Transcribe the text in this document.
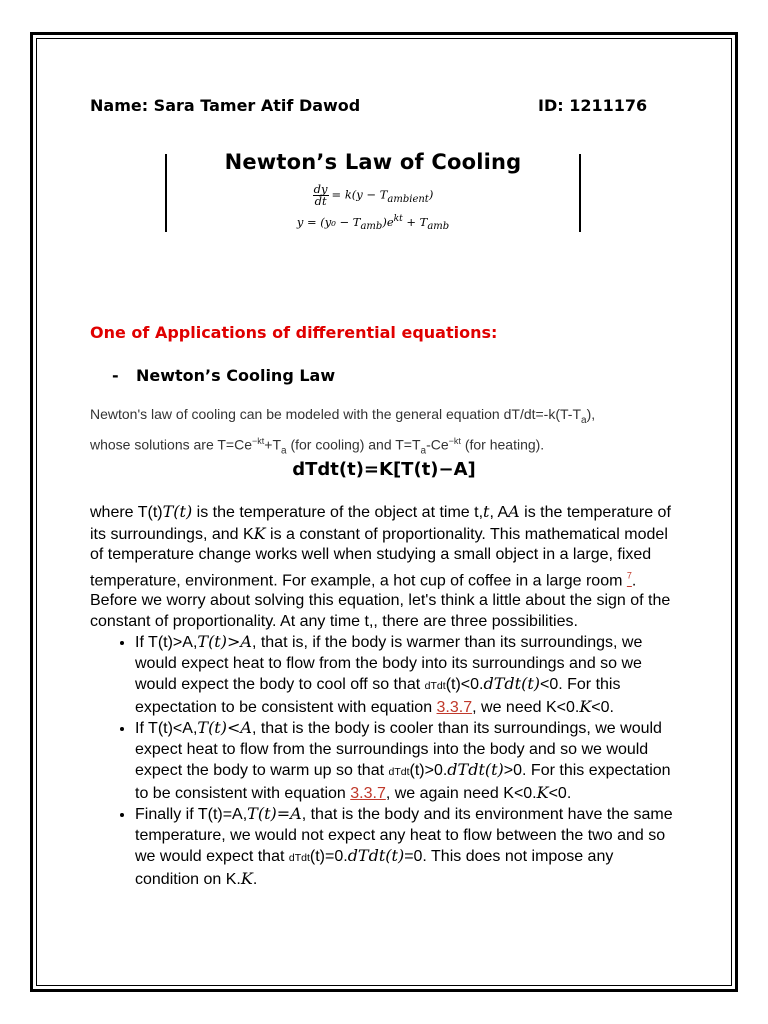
Name: Sara Tamer Atif Dawod	ID: 1211176
Newton’s Law of Cooling
$\frac{dy}{dt} = k(y - T_{ambient})$
$y = (y_0 - T_{amb})e^{kt} + T_{amb}$
One of Applications of differential equations:
- Newton’s Cooling Law
Newton's law of cooling can be modeled with the general equation $dT/dt=-k(T-T_a)$,
whose solutions are $T=Ce^{-kt}+T_a$ (for cooling) and $T=T_a-Ce^{-kt}$ (for heating).
dTdt(t)=K[T(t)−A]

where T(t)T(t) is the temperature of the object at time t,t, AA is the temperature of its surroundings, and KK is a constant of proportionality. This mathematical model of temperature change works well when studying a small object in a large, fixed temperature, environment. For example, a hot cup of coffee in a large room $^7$.

Before we worry about solving this equation, let's think a little about the sign of the constant of proportionality. At any time t,, there are three possibilities.

• If T(t)>A,T(t)>A, that is, if the body is warmer than its surroundings, we would expect heat to flow from the body into its surroundings and so we would expect the body to cool off so that dTdt(t)<0.dTdt(t)<0. For this expectation to be consistent with equation 3.3.7, we need K<0.K<0.
• If T(t)<A,T(t)<A, that is the body is cooler than its surroundings, we would expect heat to flow from the surroundings into the body and so we would expect the body to warm up so that dTdt(t)>0.dTdt(t)>0. For this expectation to be consistent with equation 3.3.7, we again need K<0.K<0.
• Finally if T(t)=A,T(t)=A, that is the body and its environment have the same temperature, we would not expect any heat to flow between the two and so we would expect that dTdt(t)=0.dTdt(t)=0. This does not impose any condition on K.K.
